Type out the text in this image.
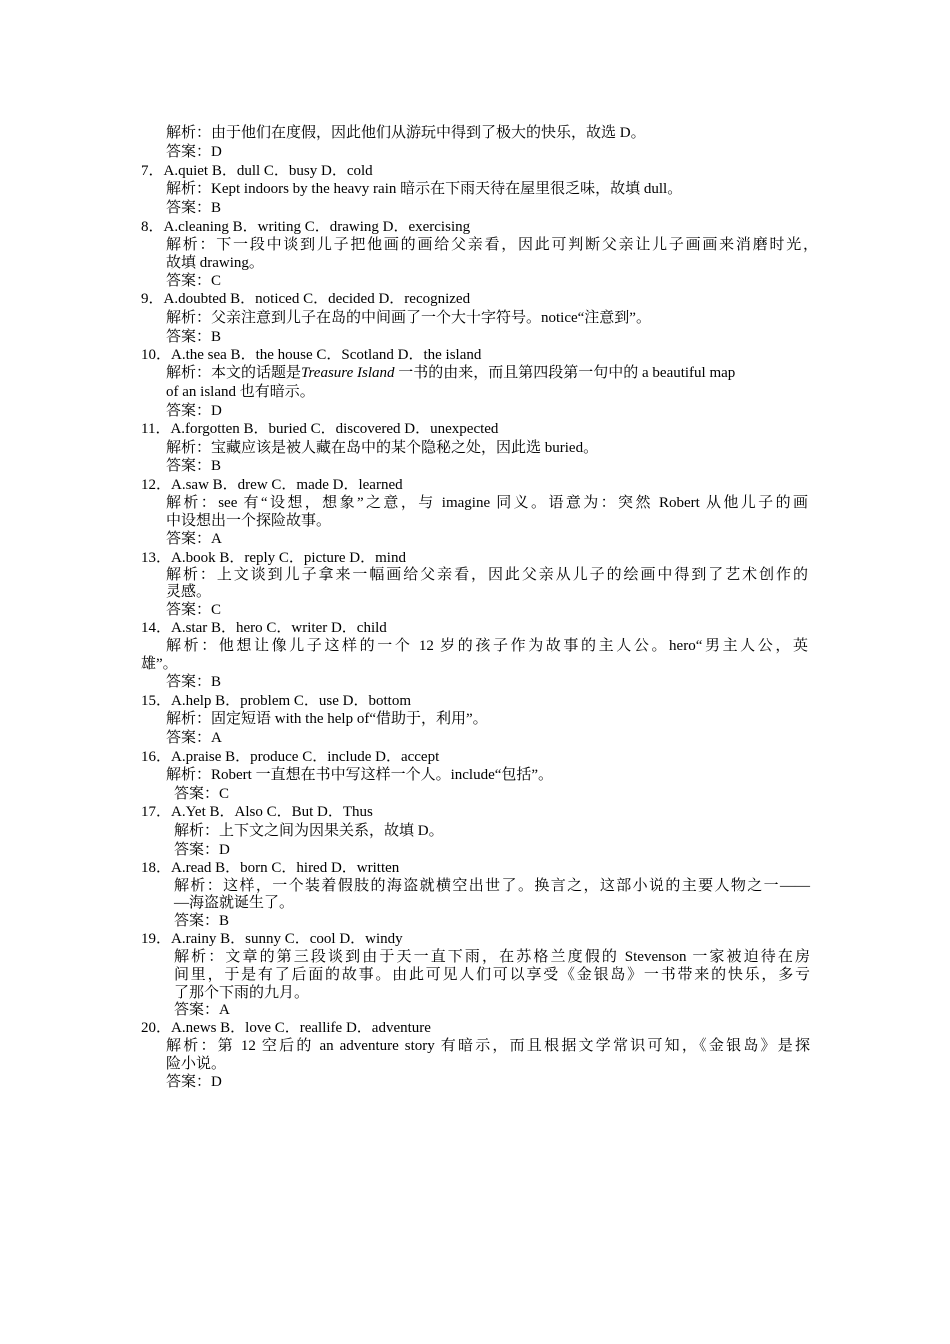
解析：由于他们在度假，因此他们从游玩中得到了极大的快乐，故选 D。
答案：D
7．A.quiet B．dull C．busy D．cold
解析：Kept indoors by the heavy rain 暗示在下雨天待在屋里很乏味，故填 dull。
答案：B
8．A.cleaning B．writing C．drawing D．exercising
解析：下一段中谈到儿子把他画的画给父亲看，因此可判断父亲让儿子画画来消磨时光，
故填 drawing。
答案：C
9．A.doubted B．noticed C．decided D．recognized
解析：父亲注意到儿子在岛的中间画了一个大十字符号。notice“注意到”。
答案：B
10．A.the sea B．the house C．Scotland D．the island
解析：本文的话题是Treasure Island 一书的由来，而且第四段第一句中的 a beautiful map
of an island 也有暗示。
答案：D
11．A.forgotten B．buried C．discovered D．unexpected
解析：宝藏应该是被人藏在岛中的某个隐秘之处，因此选 buried。
答案：B
12．A.saw B．drew C．made D．learned
解析：see 有“设想，想象”之意，与 imagine 同义。语意为：突然 Robert 从他儿子的画
中设想出一个探险故事。
答案：A
13．A.book B．reply C．picture D．mind
解析：上文谈到儿子拿来一幅画给父亲看，因此父亲从儿子的绘画中得到了艺术创作的
灵感。
答案：C
14．A.star B．hero C．writer D．child
解析：他想让像儿子这样的一个 12 岁的孩子作为故事的主人公。hero“男主人公，英
雄”。
答案：B
15．A.help B．problem C．use D．bottom
解析：固定短语 with the help of“借助于，利用”。
答案：A
16．A.praise B．produce C．include D．accept
解析：Robert 一直想在书中写这样一个人。include“包括”。
答案：C
17．A.Yet B．Also C．But D．Thus
解析：上下文之间为因果关系，故填 D。
答案：D
18．A.read B．born C．hired D．written
解析：这样，一个装着假肢的海盗就横空出世了。换言之，这部小说的主要人物之一——
—海盗就诞生了。
答案：B
19．A.rainy B．sunny C．cool D．windy
解析：文章的第三段谈到由于天一直下雨，在苏格兰度假的 Stevenson 一家被迫待在房
间里，于是有了后面的故事。由此可见人们可以享受《金银岛》一书带来的快乐，多亏
了那个下雨的九月。
答案：A
20．A.news B．love C．reallife D．adventure
解析：第 12 空后的 an adventure story 有暗示，而且根据文学常识可知，《金银岛》是探
险小说。
答案：D
